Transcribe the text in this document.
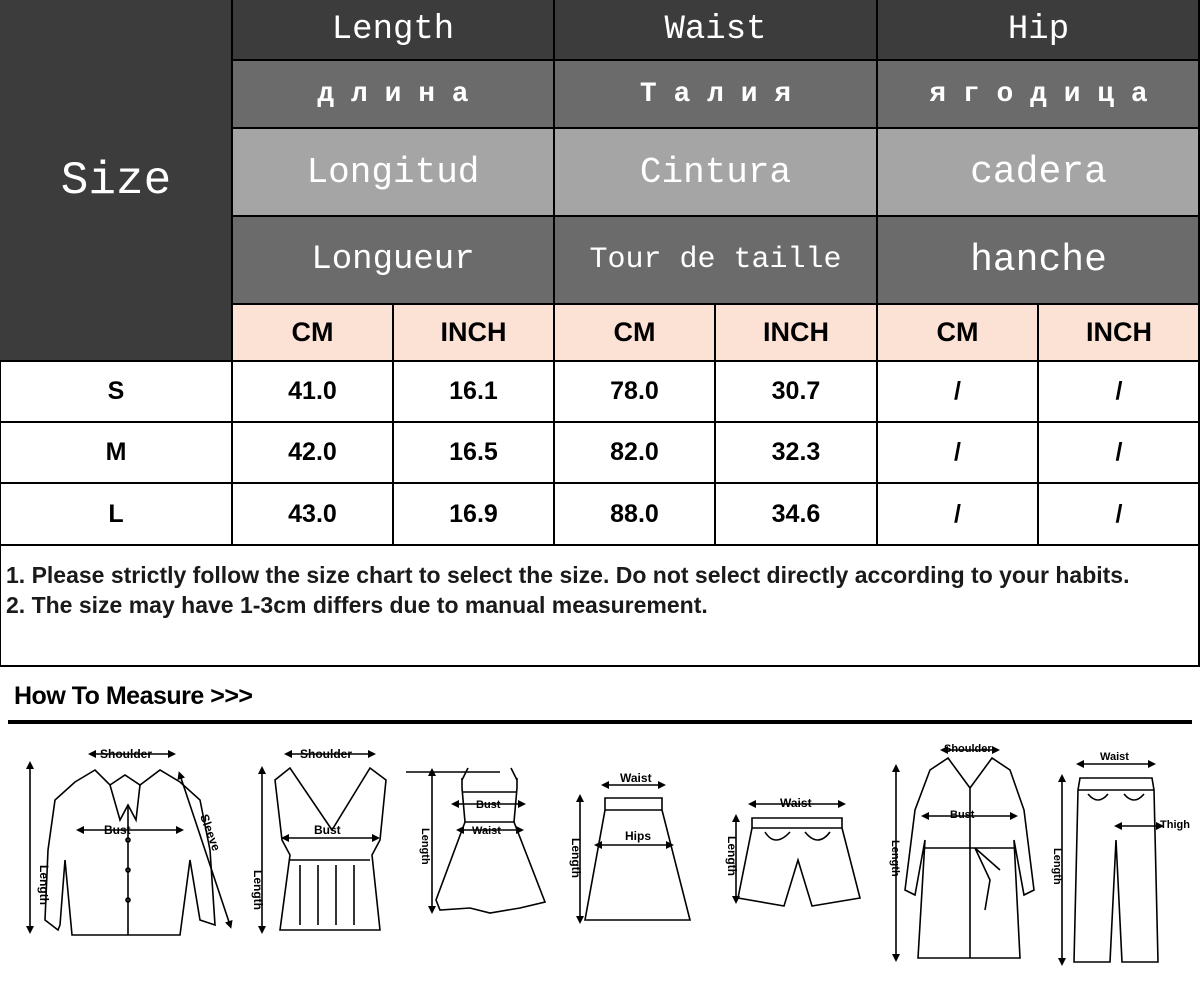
Size
Length	Waist	Hip
д л и н а	Т а л и я	я г о д и ц а
Longitud	Cintura	cadera
Longueur	Tour de taille	hanche
CM	INCH	CM	INCH	CM	INCH
S	41.0	16.1	78.0	30.7	/	/
M	42.0	16.5	82.0	32.3	/	/
L	43.0	16.9	88.0	34.6	/	/
1. Please strictly follow the size chart to select the size. Do not select directly according to your habits.
2. The size may have 1-3cm differs due to manual measurement.
How To Measure >>>
Shoulder
Bust
Length
Sleeve
Shoulder
Bust
Length
Bust
Waist
Length
Waist
Hips
Length
Waist
Length
Shoulder
Bust
Length
Waist
Thigh
Length
